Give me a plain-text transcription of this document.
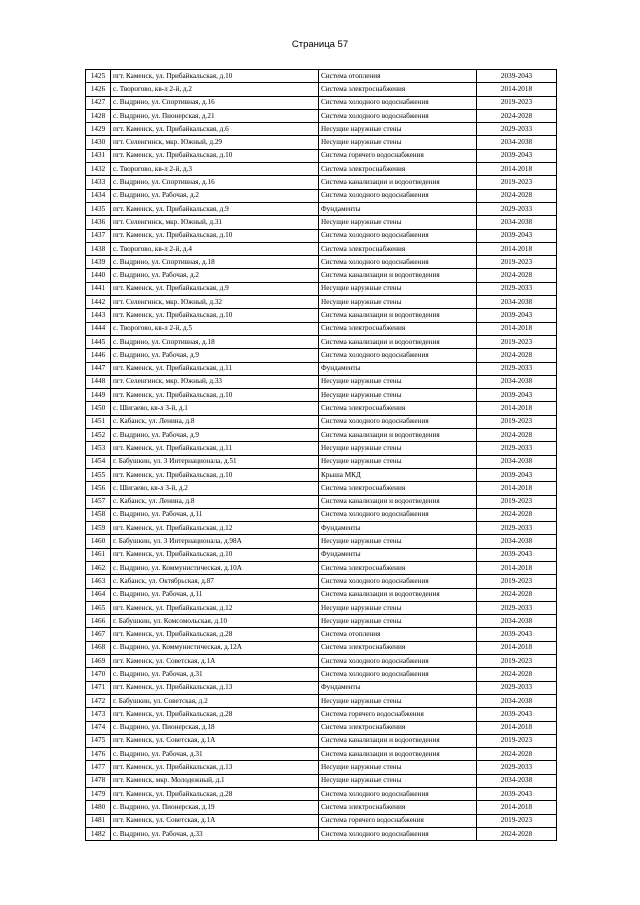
Страница 57
1425	пгт. Каменск, ул. Прибайкальская, д.10	Система отопления	2039-2043
1426	с. Творогово, кв-л 2-й, д.2	Система электроснабжения	2014-2018
1427	с. Выдрино, ул. Спортивная, д.16	Система холодного водоснабжения	2019-2023
1428	с. Выдрино, ул. Пионерская, д.21	Система холодного водоснабжения	2024-2028
1429	пгт. Каменск, ул. Прибайкальская, д.6	Несущие наружные стены	2029-2033
1430	пгт. Селенгинск, мкр. Южный, д.29	Несущие наружные стены	2034-2038
1431	пгт. Каменск, ул. Прибайкальская, д.10	Система горячего водоснабжения	2039-2043
1432	с. Творогово, кв-л 2-й, д.3	Система электроснабжения	2014-2018
1433	с. Выдрино, ул. Спортивная, д.16	Система канализации и водоотведения	2019-2023
1434	с. Выдрино, ул. Рабочая, д.2	Система холодного водоснабжения	2024-2028
1435	пгт. Каменск, ул. Прибайкальская, д.9	Фундаменты	2029-2033
1436	пгт. Селенгинск, мкр. Южный, д.31	Несущие наружные стены	2034-2038
1437	пгт. Каменск, ул. Прибайкальская, д.10	Система холодного водоснабжения	2039-2043
1438	с. Творогово, кв-л 2-й, д.4	Система электроснабжения	2014-2018
1439	с. Выдрино, ул. Спортивная, д.18	Система холодного водоснабжения	2019-2023
1440	с. Выдрино, ул. Рабочая, д.2	Система канализации и водоотведения	2024-2028
1441	пгт. Каменск, ул. Прибайкальская, д.9	Несущие наружные стены	2029-2033
1442	пгт. Селенгинск, мкр. Южный, д.32	Несущие наружные стены	2034-2038
1443	пгт. Каменск, ул. Прибайкальская, д.10	Система канализации и водоотведения	2039-2043
1444	с. Творогово, кв-л 2-й, д.5	Система электроснабжения	2014-2018
1445	с. Выдрино, ул. Спортивная, д.18	Система канализации и водоотведения	2019-2023
1446	с. Выдрино, ул. Рабочая, д.9	Система холодного водоснабжения	2024-2028
1447	пгт. Каменск, ул. Прибайкальская, д.11	Фундаменты	2029-2033
1448	пгт. Селенгинск, мкр. Южный, д.33	Несущие наружные стены	2034-2038
1449	пгт. Каменск, ул. Прибайкальская, д.10	Несущие наружные стены	2039-2043
1450	с. Шигаево, кв-л 3-й, д.1	Система электроснабжения	2014-2018
1451	с. Кабанск, ул. Ленина, д.8	Система холодного водоснабжения	2019-2023
1452	с. Выдрино, ул. Рабочая, д.9	Система канализации и водоотведения	2024-2028
1453	пгт. Каменск, ул. Прибайкальская, д.11	Несущие наружные стены	2029-2033
1454	г. Бабушкин, ул. 3 Интернационала, д.51	Несущие наружные стены	2034-2038
1455	пгт. Каменск, ул. Прибайкальская, д.10	Крыша МКД	2039-2043
1456	с. Шигаево, кв-л 3-й, д.2	Система электроснабжения	2014-2018
1457	с. Кабанск, ул. Ленина, д.8	Система канализации и водоотведения	2019-2023
1458	с. Выдрино, ул. Рабочая, д.11	Система холодного водоснабжения	2024-2028
1459	пгт. Каменск, ул. Прибайкальская, д.12	Фундаменты	2029-2033
1460	г. Бабушкин, ул. 3 Интернационала, д.98А	Несущие наружные стены	2034-2038
1461	пгт. Каменск, ул. Прибайкальская, д.10	Фундаменты	2039-2043
1462	с. Выдрино, ул. Коммунистическая, д.10А	Система электроснабжения	2014-2018
1463	с. Кабанск, ул. Октябрьская, д.87	Система холодного водоснабжения	2019-2023
1464	с. Выдрино, ул. Рабочая, д.11	Система канализации и водоотведения	2024-2028
1465	пгт. Каменск, ул. Прибайкальская, д.12	Несущие наружные стены	2029-2033
1466	г. Бабушкин, ул. Комсомольская, д.10	Несущие наружные стены	2034-2038
1467	пгт. Каменск, ул. Прибайкальская, д.28	Система отопления	2039-2043
1468	с. Выдрино, ул. Коммунистическая, д.12А	Система электроснабжения	2014-2018
1469	пгт. Каменск, ул. Советская, д.1А	Система холодного водоснабжения	2019-2023
1470	с. Выдрино, ул. Рабочая, д.31	Система холодного водоснабжения	2024-2028
1471	пгт. Каменск, ул. Прибайкальская, д.13	Фундаменты	2029-2033
1472	г. Бабушкин, ул. Советская, д.2	Несущие наружные стены	2034-2038
1473	пгт. Каменск, ул. Прибайкальская, д.28	Система горячего водоснабжения	2039-2043
1474	с. Выдрино, ул. Пионерская, д.18	Система электроснабжения	2014-2018
1475	пгт. Каменск, ул. Советская, д.1А	Система канализации и водоотведения	2019-2023
1476	с. Выдрино, ул. Рабочая, д.31	Система канализации и водоотведения	2024-2028
1477	пгт. Каменск, ул. Прибайкальская, д.13	Несущие наружные стены	2029-2033
1478	пгт. Каменск, мкр. Молодежный, д.1	Несущие наружные стены	2034-2038
1479	пгт. Каменск, ул. Прибайкальская, д.28	Система холодного водоснабжения	2039-2043
1480	с. Выдрино, ул. Пионерская, д.19	Система электроснабжения	2014-2018
1481	пгт. Каменск, ул. Советская, д.1А	Система горячего водоснабжения	2019-2023
1482	с. Выдрино, ул. Рабочая, д.33	Система холодного водоснабжения	2024-2028
